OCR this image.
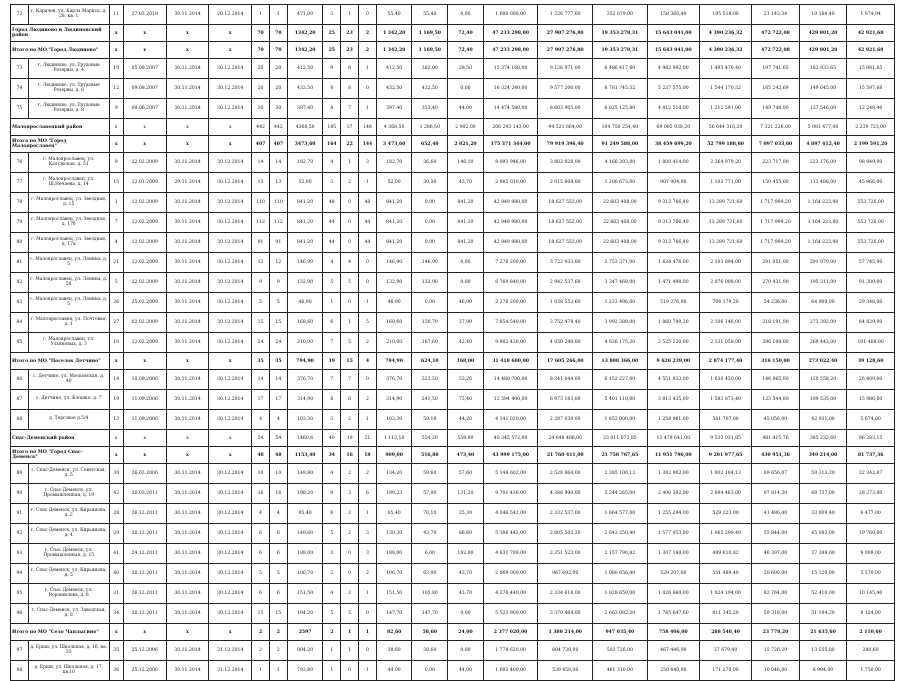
72	г. Карачев, ул. Карла Маркса, д. 28, кв. 1	11	27.03.2018	30.11.2014	20.12.2014	1	1	471,00	3	1	0	55,40	55,40	0,00	1 600 000,00	1 226 777,60	352 079,00	158 360,40	195 518,00	21 143,34	19 168,40	1 974,94
Город Людиново и Людиновский район		x	x	x	x	70	70	1342,20	25	23	2	1 342,20	1 169,50	72,40	47 233 298,00	27 907 276,80	19 353 278,31	15 643 041,00	4 390 236,32	472 722,08	429 801,20	42 921,68
Итого по МО "Город Людиново"		x	x	x	x	70	70	1342,20	25	23	2	1 342,20	1 169,50	72,40	47 233 298,00	27 907 276,80	19 353 278,31	15 643 041,00	4 390 236,32	472 722,08	429 801,20	42 921,68
73	г. Людиново, ул. Трудовые Резервы, д. 4	10	05.08.2007	30.11.2014	30.12.2014	20	20	412,50	9	8	1	412,50	383,00	28,50	15 374 168,00	9 126 971,00	6 486 417,60	4 982 992,00	1 493 470,40	197 741,65	182 933,65	15 081,65
74	г. Людиново, ул. Трудовые Резервы, д. 6	12	09.08.2007	30.11.2014	30.12.2014	20	20	432,50	8	8	0	432,50	432,50	0,00	16 324 240,00	9 577 200,00	6 781 745,32	5 237 575,00	1 544 170,32	165 242,69	149 645,00	15 597,68
75	г. Людиново, ул. Трудовые Резервы, д. 8	9	09.06.2007	30.11.2014	30.12.2014	30	30	397,40	8	7	1	397,40	353,40	44,00	14 474 580,00	8 603 905,00	6 025 125,80	4 812 514,00	1 212 591,00	149 748,00	137 546,00	12 248,46
Малоярославецкий район		x	x	x	x	442	442	4368,50	185	37	148	4 368,50	1 286,50	2 902,00	206 293 143,00	94 521 664,00	104 750 254,40	69 085 938,20	56 644 316,20	7 321 226,00	5 081 477,00	2 239 723,00
Итого по МО "Город Малоярославец"		x	x	x	x	407	407	3473,60	164	22	144	3 473,60	652,40	2 821,20	175 371 344,00	79 919 396,40	91 249 588,00	38 459 699,20	52 799 188,80	7 097 033,60	4 897 412,40	2 199 591,20
76	г. Малоярославец, ул. Калужская, д. 51	9	22.02.2009	30.11.2014	30.12.2014	14	14	182,70	4	1	3	182,70	36,60	146,10	8 093 946,00	3 802 828,00	4 166 393,00	1 800 414,00	2 364 979,20	223 717,00	223 176,00	98 949,00
77	г. Малоярославец, ул. Ш.Нечаева, д. 14	15	12.01.2009	29.11.2014	30.12.2014	15	13	52,00	3	2	1	52,00	30,30	43,70	2 985 010,00	2 015 808,00	1 200 673,00	907 904,00	1 102 771,00	159 455,00	113 488,00	45 966,00
78	г. Малоярославец, ул. Звездная, д. 15	1	12.02.2009	30.11.2014	30.12.2014	110	110	841,20	48	0	48	841,20	0,00	841,20	42 949 980,00	18 627 552,00	22 603 408,00	9 313 766,40	13 289 721,60	1 717 999,20	1 164 223,00	553 726,00
79	г. Малоярославец, ул. Звездная, д. 17б	7	12.02.2009	30.11.2014	30.12.2014	112	112	841,20	44	0	44	841,20	0,00	841,20	42 949 980,00	18 627 552,00	22 603 408,00	9 313 766,40	13 289 721,60	1 717 999,20	1 164 223,00	553 726,00
80	г. Малоярославец, ул. Звездная, д. 17а	4	12.02.2009	30.11.2014	30.12.2014	91	91	841,20	44	0	44	841,20	0,00	841,20	42 949 980,00	18 627 552,00	22 603 408,00	9 313 766,40	13 289 721,60	1 717 999,20	1 164 223,00	553 726,00
81	г. Малоярославец, ул. Ленина, д. 5	21	12.02.2009	30.11.2014	30.12.2014	12	12	146,90	4	4	0	146,90	146,90	0,00	7 276 200,00	3 722 933,00	3 753 371,00	1 624 476,00	2 103 894,00	291 051,00	291 979,00	57 745,00
82	г. Малоярославец, ул. Ленина, д. 56	5	22.02.2009	30.11.2014	30.12.2014	9	9	132,90	5	5	0	132,90	132,90	0,00	6 760 840,00	2 942 537,60	3 347 468,00	1 471 498,00	2 076 008,00	270 431,00	195 311,00	91 300,00
83	г. Малоярославец, ул. Ленина, д. 5	26	25.02.2009	30.11.2014	30.12.2014	5	5	46,90	1	0	1	46,90	0,00	46,90	2 376 200,00	1 038 552,60	1 223 496,00	519 276,00	704 179,20	54 236,00	64 909,00	29 348,00
84	г. Малоярославец, ул. Почтовая, д. 1	27	02.02.2009	30.11.2014	30.12.2014	15	15	168,60	6	1	5	168,60	130,70	37,90	7 854 540,00	3 752 478,40	3 992 388,00	1 860 799,20	2 106 146,00	318 191,00	273 392,00	84 829,00
85	г. Малоярославец, ул. Ульяновых, д. 3	10	12.02.2009	30.11.2014	30.12.2014	24	24	210,00	7	5	2	210,00	167,60	42,40	9 902 430,00	4 050 240,00	4 836 175,20	2 525 120,00	2 331 058,00	396 108,00	269 443,00	101 408,00
Итого по МО "Поселок Детчино"		x	x	x	x	35	35	794,90	19	15	4	794,90	624,10	168,00	31 418 600,00	17 605 266,00	13 808 366,00	9 626 239,00	2 874 177,40	316 150,00	273 022,40	39 128,60
86	с. Детчино, ул. Московская, д. 40	14	10.09.2006	30.11.2014	30.12.2014	14	14	376,70	7	7	0	376,70	323,50	53,20	14 480 700,00	8 341 044,00	6 152 227,00	4 551 833,00	1 630 450,00	146 865,00	120 558,20	26 409,00
87	с. Детчино, ул. Клошко, д. 7	19	11.09.2006	30.11.2014	30.12.2014	17	17	314,90	8	6	2	314,90	241,50	73,40	12 594 400,00	6 973 183,00	5 401 118,00	3 813 435,00	1 583 873,40	123 544,00	109 535,00	15 986,60
88	д. Торговое д.5/4	13	11.09.2006	30.11.2014	30.12.2014	4	4	103,30	3	2	1	103,30	59,10	44,20	4 141 020,00	2 287 039,00	1 853 000,00	1 258 961,00	561 767,00	45 056,00	42 931,00	5 674,00
Спас-Деменский район		x	x	x	x	54	54	1460,6	40	19	21	1 113,10	554,20	558,90	40 345 572,00	24 648 406,00	23 011 072,85	13 479 641,00	9 532 031,85	481 415,76	385 232,60	96 283,15
Итого по МО "Город Спас-Деменск"		x	x	x	x	48	48	1153,40	34	16	18	909,00	516,80	473,40	43 999 175,00	21 760 411,00	21 758 767,65	11 951 796,00	9 201 977,65	430 951,36	349 214,00	81 737,36
89	г. Спас-Деменск, ул. Советская, д. 5	30	26.03.2006	30.11.2014	30.12.2014	10	10	149,80	4	2	2	134,20	59,60	57,60	5 148 602,00	2 528 864,00	2 385 106,13	1 382 902,00	1 002 184,13	89 656,07	59 313,20	22 342,87
90	г. Спас-Деменск, ул. Промышленная, д. 19	42	26.03.2011	30.11.2014	30.12.2014	16	16	198,20	9	3	6	199,23	57,00	131,20	9 701 436,00	4 386 990,00	5 244 265,00	2 490 392,00	2 894 463,00	97 814,20	69 737,00	28 273,00
91	г. Спас-Деменск, ул. Кирьяновa, д. 2	28	26.12.2011	30.11.2014	30.12.2014	4	4	95,40	6	3	1	95,40	70,10	25,30	4 346 542,00	2 332 537,00	1 864 577,00	1 255 294,00	529 223,00	41 486,40	33 009,40	8 477,00
92	г. Спас-Деменск, ул. Кирьянова, д. 4	29	26.12.2011	30.11.2014	30.12.2014	6	6	149,60	5	2	3	130,30	43,70	86,60	5 386 442,00	2 805 503,20	2 643 250,40	1 577 953,00	1 065 299,40	55 844,00	45 083,00	10 760,60
93	г. Спас-Деменск, ул. Промышленная, д. 15	41	24.12.2011	30.11.2014	30.12.2014	6	6	188,00	3	0	3	188,00	6,00	182,00	4 631 709,00	2 351 523,00	2 157 790,82	1 307 180,00	489 610,82	46 397,00	37 388,00	9 009,00
94	г. Спас-Деменск, ул. Кирьянова, д. 5	40	26.12.2011	30.11.2014	30.12.2014	5	5	106,70	2	0	2	106,70	63,00	43,70	2 069 000,00	967 692,00	1 080 656,40	529 207,00	551 489,40	20 690,00	15 120,00	5 570,00
95	г. Спас-Деменск, ул. Ворошилова, д. 6	31	26.12.2011	30.11.2014	30.12.2014	6	6	151,50	4	3	1	151,50	105,80	43,70	4 276 440,00	2 334 618,00	1 928 659,00	1 026 660,00	1 024 194,00	82 764,00	52 410,00	10 145,40
96	г. Спас-Деменск, ул. Заводская, д. 8	34	26.12.2011	30.11.2014	30.12.2014	15	15	194,20	5	5	0	147,70	147,70	0,00	5 523 900,00	3 370 464,00	2 663 092,20	1 785 647,60	811 345,20	59 318,00	51 194,20	8 124,00
Итого по МО "Село Чаплыгино"		x	x	x	x	2	2	2597	2	1	1	82,60	58,60	24,00	2 377 020,00	1 380 214,00	947 035,40	758 406,00	288 548,40	23 778,20	21 635,60	2 110,60
97	д. Ерши, ул. Школьная, д. 16, кв. 33	35	25.12.2006	30.11.2014	31.12.2014	2	2	804,20	1	1	0	38,60	38,60	0,00	1 778 620,00	804 738,00	503 726,00	467 446,00	37 679,40	15 726,29	13 555,80	280,60
98	д. Ерши, ул. Школьная, д. 17, кв.10	36	25.12.2006	30.11.2014	31.12.2014	1	1	792,80	1	0	1	44,00	0,00	44,00	1 603 400,00	539 458,00	461 310,00	250 640,00	171 270,00	10 046,00	8 904,00	1 750,00
